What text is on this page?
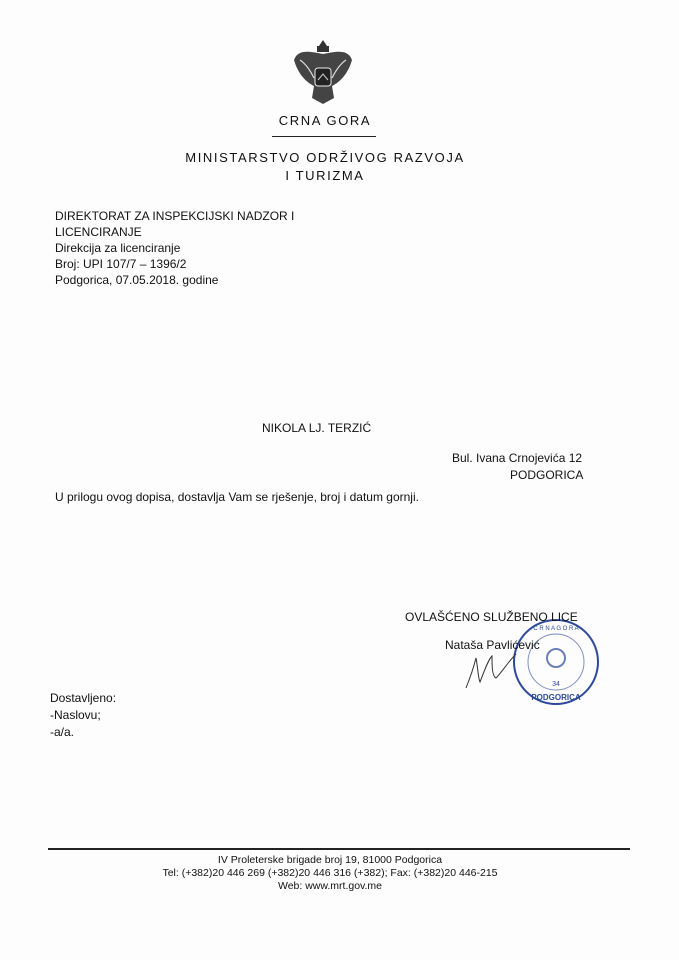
CRNA GORA
MINISTARSTVO ODRŽIVOG RAZVOJA
I TURIZMA
DIREKTORAT ZA INSPEKCIJSKI NADZOR I
LICENCIRANJE
Direkcija za licenciranje
Broj: UPI 107/7 – 1396/2
Podgorica, 07.05.2018. godine
NIKOLA LJ. TERZIĆ
Bul. Ivana Crnojevića 12
PODGORICA
U prilogu ovog dopisa, dostavlja Vam se rješenje, broj i datum gornji.
34
PODGORICA
C R N A G O R A
OVLAŠĆENO SLUŽBENO LICE
Nataša Pavlićević
Dostavljeno:
-Naslovu;
-a/a.
IV Proleterske brigade broj 19, 81000 Podgorica
Tel: (+382)20 446 269 (+382)20 446 316 (+382); Fax: (+382)20 446-215
Web: www.mrt.gov.me
